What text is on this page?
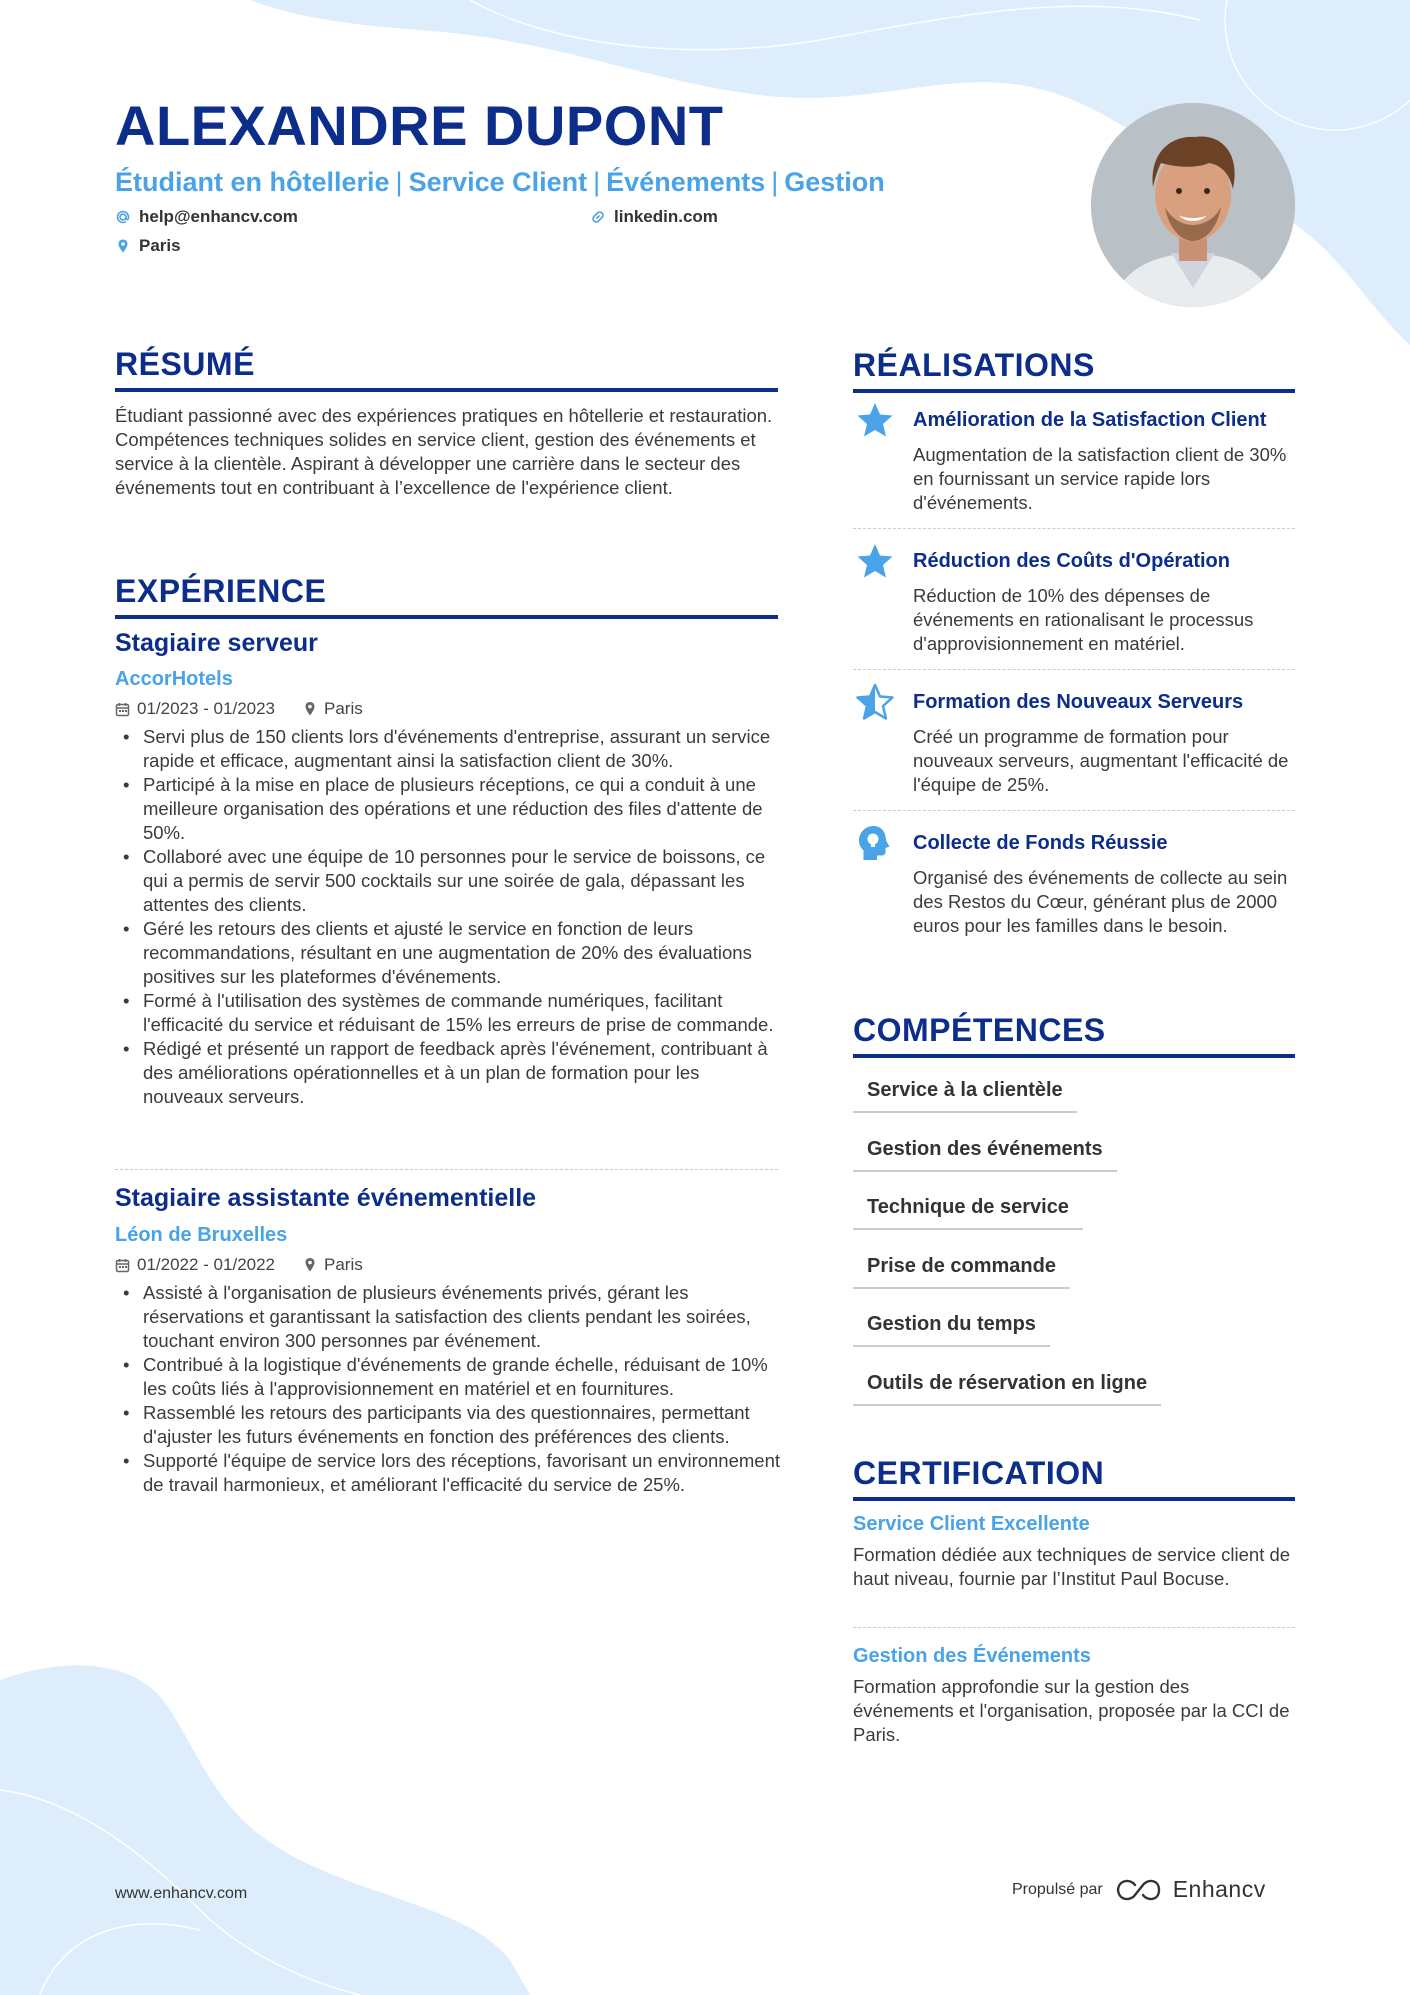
ALEXANDRE DUPONT
Étudiant en hôtellerie | Service Client | Événements | Gestion
help@enhancv.com	linkedin.com
Paris
RÉSUMÉ

Étudiant passionné avec des expériences pratiques en hôtellerie et restauration. Compétences techniques solides en service client, gestion des événements et service à la clientèle. Aspirant à développer une carrière dans le secteur des événements tout en contribuant à l’excellence de l'expérience client.

EXPÉRIENCE
Stagiaire serveur
AccorHotels
01/2023 - 01/2023	Paris
• Servi plus de 150 clients lors d'événements d'entreprise, assurant un service rapide et efficace, augmentant ainsi la satisfaction client de 30%.
• Participé à la mise en place de plusieurs réceptions, ce qui a conduit à une meilleure organisation des opérations et une réduction des files d'attente de 50%.
• Collaboré avec une équipe de 10 personnes pour le service de boissons, ce qui a permis de servir 500 cocktails sur une soirée de gala, dépassant les attentes des clients.
• Géré les retours des clients et ajusté le service en fonction de leurs recommandations, résultant en une augmentation de 20% des évaluations positives sur les plateformes d'événements.
• Formé à l'utilisation des systèmes de commande numériques, facilitant l'efficacité du service et réduisant de 15% les erreurs de prise de commande.
• Rédigé et présenté un rapport de feedback après l'événement, contribuant à des améliorations opérationnelles et à un plan de formation pour les nouveaux serveurs.
Stagiaire assistante événementielle
Léon de Bruxelles
01/2022 - 01/2022	Paris
• Assisté à l'organisation de plusieurs événements privés, gérant les réservations et garantissant la satisfaction des clients pendant les soirées, touchant environ 300 personnes par événement.
• Contribué à la logistique d'événements de grande échelle, réduisant de 10% les coûts liés à l'approvisionnement en matériel et en fournitures.
• Rassemblé les retours des participants via des questionnaires, permettant d'ajuster les futurs événements en fonction des préférences des clients.
• Supporté l'équipe de service lors des réceptions, favorisant un environnement de travail harmonieux, et améliorant l'efficacité du service de 25%.
RÉALISATIONS
Amélioration de la Satisfaction Client

Augmentation de la satisfaction client de 30% en fournissant un service rapide lors d'événements.

Réduction des Coûts d'Opération

Réduction de 10% des dépenses de événements en rationalisant le processus d'approvisionnement en matériel.

Formation des Nouveaux Serveurs

Créé un programme de formation pour nouveaux serveurs, augmentant l'efficacité de l'équipe de 25%.

Collecte de Fonds Réussie

Organisé des événements de collecte au sein des Restos du Cœur, générant plus de 2000 euros pour les familles dans le besoin.

COMPÉTENCES
Service à la clientèle
Gestion des événements
Technique de service
Prise de commande
Gestion du temps
Outils de réservation en ligne
CERTIFICATION
Service Client Excellente

Formation dédiée aux techniques de service client de haut niveau, fournie par l’Institut Paul Bocuse.

Gestion des Événements

Formation approfondie sur la gestion des événements et l'organisation, proposée par la CCI de Paris.

www.enhancv.com	Propulsé par	Enhancv
